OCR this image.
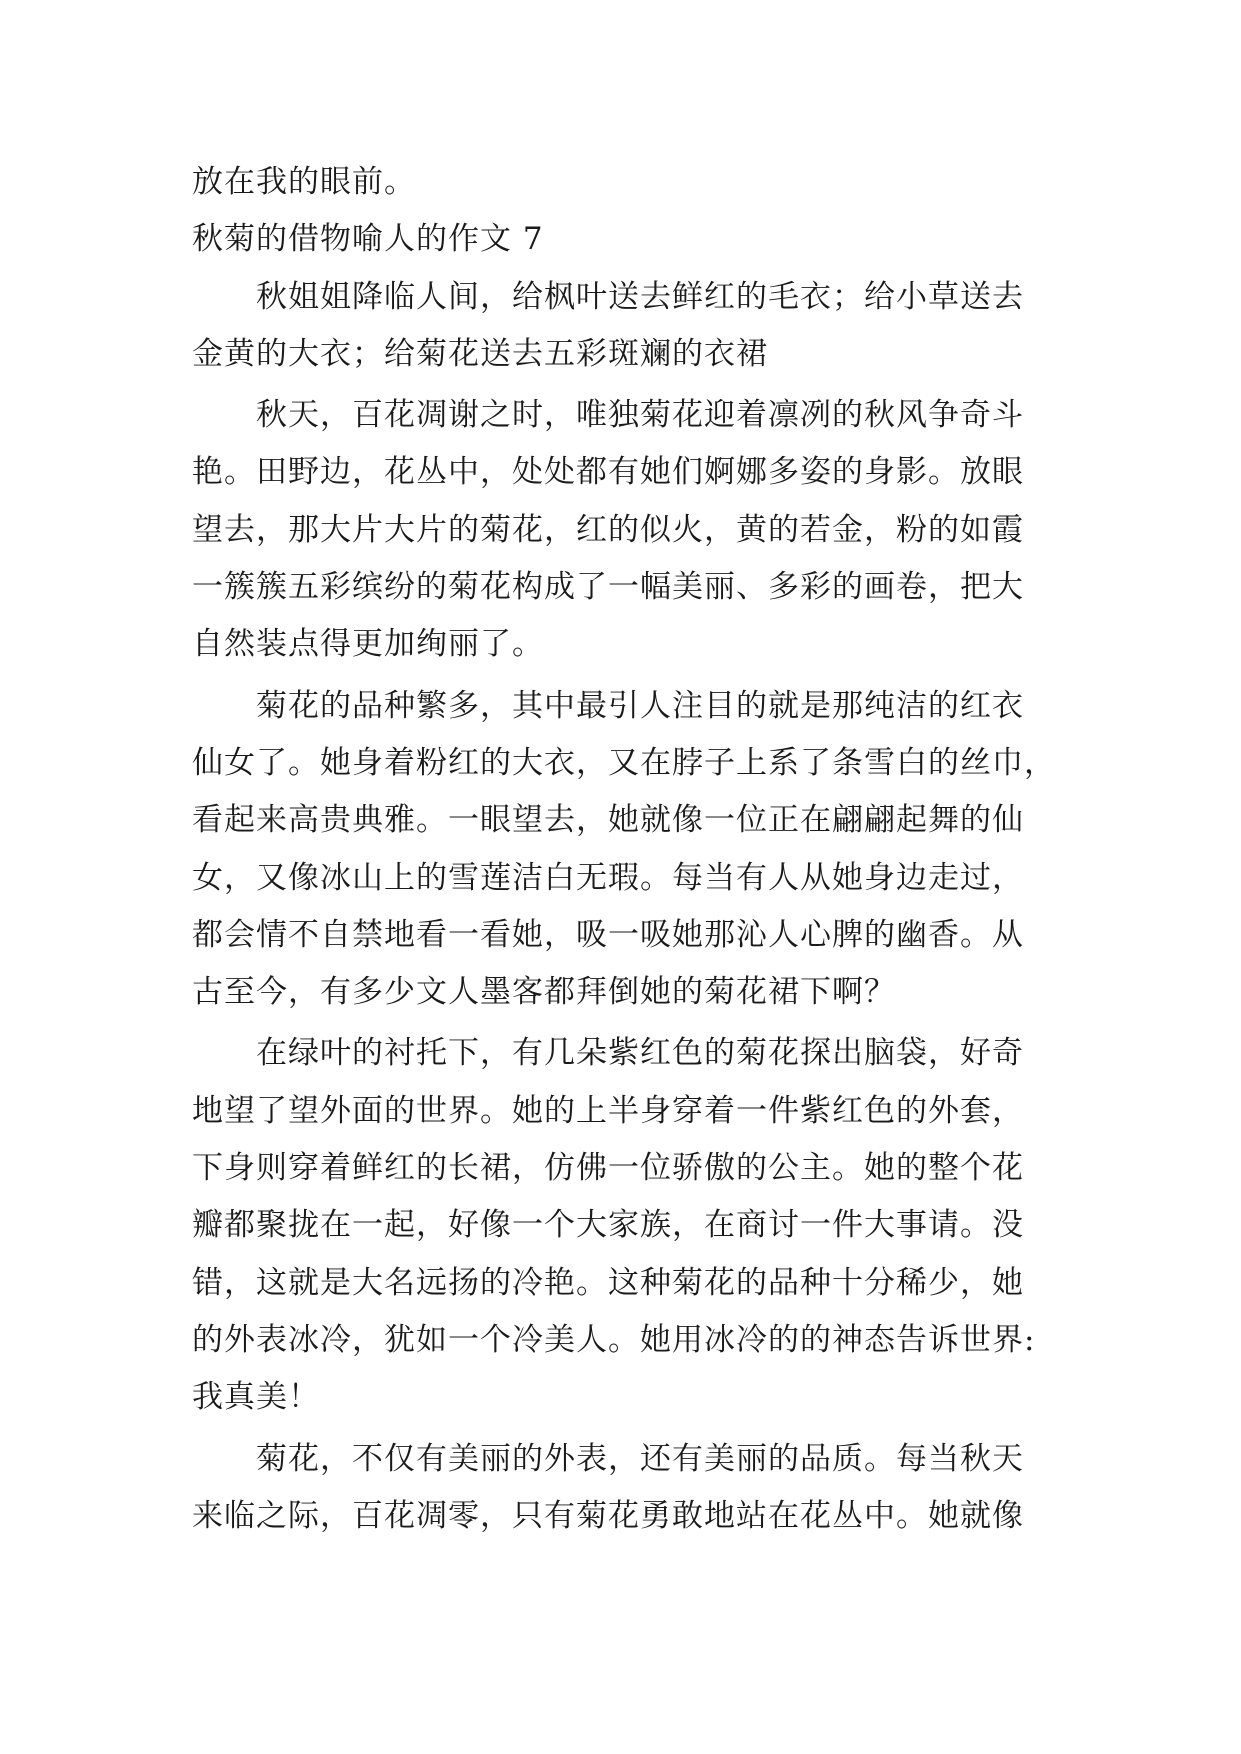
放在我的眼前。
秋菊的借物喻人的作文 7
秋姐姐降临人间，给枫叶送去鲜红的毛衣；给小草送去
金黄的大衣；给菊花送去五彩斑斓的衣裙
秋天，百花凋谢之时，唯独菊花迎着凛冽的秋风争奇斗
艳。田野边，花丛中，处处都有她们婀娜多姿的身影。放眼
望去，那大片大片的菊花，红的似火，黄的若金，粉的如霞
一簇簇五彩缤纷的菊花构成了一幅美丽、多彩的画卷，把大
自然装点得更加绚丽了。
菊花的品种繁多，其中最引人注目的就是那纯洁的红衣
仙女了。她身着粉红的大衣，又在脖子上系了条雪白的丝巾，
看起来高贵典雅。一眼望去，她就像一位正在翩翩起舞的仙
女，又像冰山上的雪莲洁白无瑕。每当有人从她身边走过，
都会情不自禁地看一看她，吸一吸她那沁人心脾的幽香。从
古至今，有多少文人墨客都拜倒她的菊花裙下啊？
在绿叶的衬托下，有几朵紫红色的菊花探出脑袋，好奇
地望了望外面的世界。她的上半身穿着一件紫红色的外套，
下身则穿着鲜红的长裙，仿佛一位骄傲的公主。她的整个花
瓣都聚拢在一起，好像一个大家族，在商讨一件大事请。没
错，这就是大名远扬的冷艳。这种菊花的品种十分稀少，她
的外表冰冷，犹如一个冷美人。她用冰冷的的神态告诉世界:
我真美！
菊花，不仅有美丽的外表，还有美丽的品质。每当秋天
来临之际，百花凋零，只有菊花勇敢地站在花丛中。她就像
